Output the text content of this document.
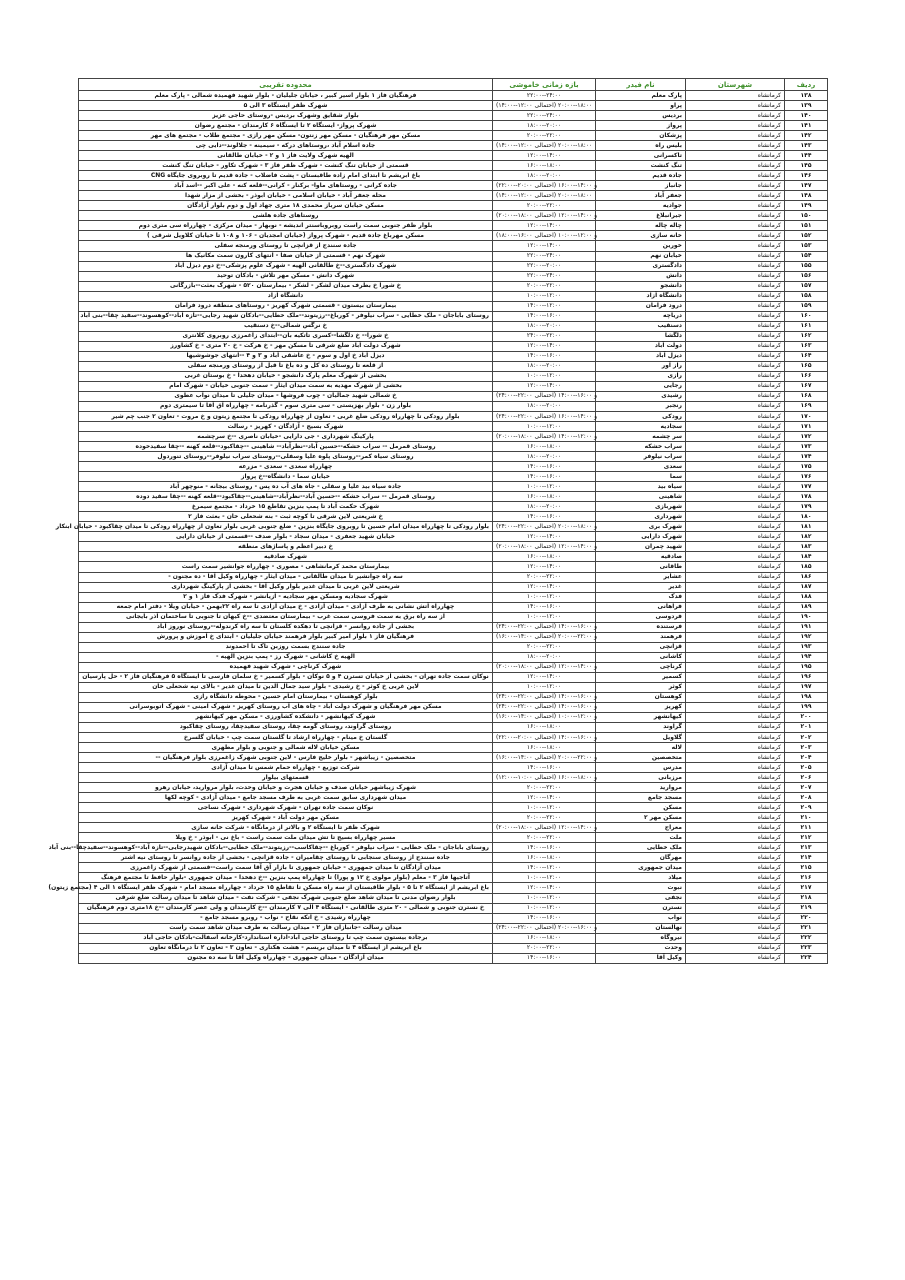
ردیف	شهرستان	نام فیدر	بازه زمانی خاموشی	محدوده تقریبی
۱۳۸	کرمانشاه	پارک معلم	۲۲:۰۰--۲۴:۰۰	فرهنگیان فاز ۱ بلوار اسیر کبیر ، خیابان جلیلیان - بلوار شهید فهمیده شمالی - پارک معلم
۱۳۹	کرمانشاه	پراو	(احتمالی ۱۲:۰۰--۱۴:۰۰) ۱۸:۰۰--۲۰:۰۰	شهرک ظفر ایستگاه ۳ الی ۵
۱۴۰	کرمانشاه	بردیس	۲۲:۰۰--۲۴:۰۰	بلوار شقایق وشهرک بردیس -روستای حاجی عزیز
۱۴۱	کرمانشاه	پرواز	۱۸:۰۰--۲۰:۰۰	شهرک پرواز- ایستگاه ۲ تا ایستگاه ۶ کارمندان - مجتمع رضوان
۱۴۲	کرمانشاه	پزشکان	۲۰:۰۰--۲۲:۰۰	مسکن مهر فرهنگیان - مسکن مهر زنتون- مسکن مهر رازی - مجتمع طلاب - مجتمع های مهر
۱۴۳	کرمانشاه	بلیس راه	(احتمالی ۱۲:۰۰--۱۴:۰۰) ۱۸:۰۰--۲۰:۰۰	جاده اسلام آباد ،روستاهای درکه - سیمینه - جلالوند--دایی چی
۱۴۴	کرمانشاه	تاکسرانی	۱۲:۰۰--۱۴:۰۰	الهیه شهرک ولایت فاز ۱ و ۲ - خیابان طالقانی
۱۴۵	کرمانشاه	تنگ کنشت	۱۶:۰۰--۱۸:۰۰	قسمتی از خیابان تنگ کنشت - شهرک ظفر فاز ۳ - شهرک تکاور - خیابان تنگ کنشت
۱۴۶	کرمانشاه	جاده قدیم	۱۸:۰۰--۲۰:۰۰	باغ ابریشم تا ابتدای امام زاده طاقبستان - پشت فاضلاب - جاده قدیم تا روبروی جایگاه CNG
۱۴۷	کرمانشاه	جانباز	(احتمالی ۲۰:۰۰--۲۲:۰۰) و ۱۴:۰۰--۱۶:۰۰	جاده کرانی - روستاهای ماوا- برکنار - کرانی--قلعه کنه - علی اکبر --اسد آباد
۱۴۸	کرمانشاه	جعفر آباد	(احتمالی ۱۲:۰۰--۱۴:۰۰) ۱۸:۰۰--۲۰:۰۰	محله جعفر آباد - خیابان اسلامی - خیابان ابوذر - بخشی از مزار شهدا
۱۴۹	کرمانشاه	جوادیه	۲۰:۰۰--۲۲:۰۰	مسکن خیابان سرباز محمدی ۱۸ متری جهاد اول و دوم بلوار آزادگان
۱۵۰	کرمانشاه	جیرانبلاغ	(احتمالی ۱۸:۰۰--۲۰:۰۰) و ۱۴:۰۰--۱۲:۰۰	روستاهای جاده هلشی
۱۵۱	کرمانشاه	چاله چاله	۱۲:۰۰--۱۴:۰۰	بلوار ظفر جنوبی سمت راست روبروباسنتر اندیشه - نوبهار - میدان مرکزی - چهارراه سی متری دوم
۱۵۲	کرمانشاه	خانه سازی	(احتمالی ۱۶:۰۰--۱۸:۰۰) و ۱۲:۰۰--۱۰:۰۰	مسکن مهرباغ جاده قدیم - شهرک پرواز (خیابان امجدیان - ۱۰۶ و ۱۰۸ تا خیابان کلاویل شرقی )
۱۵۳	کرمانشاه	خورین	۱۲:۰۰--۱۴:۰۰	جاده سنندج از قزانچی تا روستای ورمنجه سفلی
۱۵۴	کرمانشاه	خیابان نهم	۲۲:۰۰--۲۴:۰۰	شهرک نهم - قسمتی از خیابان صفا - انتهای کارون سمت مکانیک ها
۱۵۵	کرمانشاه	دادگستری	۲۲:۰۰--۲۰:۰۰	شهرک دادگستری--خ طالقانی الهیه - شهرک علوم پزشکی--خ دوم دیزل آباد
۱۵۶	کرمانشاه	دانش	۲۲:۰۰--۲۴:۰۰	شهرک دانش - مسکن مهر تلاش - بادکان توحید
۱۵۷	کرمانشاه	دانشجو	۲۰:۰۰--۲۲:۰۰	خ شورا خ بطرف میدان لشکر - لشکر - بیمارستان ۵۲۰ - شهرک بعثت--بازرگانی
۱۵۸	کرمانشاه	دانشگاه آزاد	۱۰:۰۰--۱۲:۰۰	دانشگاه آزاد
۱۵۹	کرمانشاه	درود فرامان	۱۴:۰۰--۱۲:۰۰	بیمارستان بیستون - قسمتی شهرک کهریز - روستاهای منطقه درود فرامان
۱۶۰	کرمانشاه	دریاچه	۱۴:۰۰--۱۶:۰۰	روستای باباجان - ملک خطایی - سراب نیلوفر - کورباغ--رزیتوند--ملک خطایی--بادکان شهید رجایی--تازه آباد--کوهسوند--سفید چقا--بنی آباد
۱۶۱	کرمانشاه	دسنقیب	۱۸:۰۰--۲۰:۰۰	خ نرگس شمالی--خ دسنقیب
۱۶۲	کرمانشاه	دلگشا	۲۴:۰۰--۲۲:۰۰	خ شورا-- خ دلگشا--کسری تاتکیه بان--ابتدای زاغمرزی روبروی کلانتری
۱۶۳	کرمانشاه	دولت آباد	۱۲:۰۰--۱۴:۰۰	شهرک دولت آباد ضلع شرقی تا مسکن مهر - خ هرکت - خ ۲۰ متری - خ کشاورز
۱۶۴	کرمانشاه	دیزل آباد	۱۴:۰۰--۱۶:۰۰	دیزل آباد خ اول و سوم - خ عاشقی آباد و ۳ و ۴ --انتهای جوشوشیها
۱۶۵	کرمانشاه	راز آور	۱۸:۰۰--۲۰:۰۰	از قلعه تا روستای ده کل و ده باغ تا قبل از روستای ورمنجه سفلی
۱۶۶	کرمانشاه	رازی	۱۰:۰۰--۱۲:۰۰	بخشی از شهرک معلم پارک دانشجو - خیابان دهخدا - خ بوستان غربی
۱۶۷	کرمانشاه	رجایی	۱۲:۰۰--۱۴:۰۰	بخشی از شهرک مهدیه به سمت میدان ایثار - سمت جنوبی خیابان - شهرک امام
۱۶۸	کرمانشاه	رشیدی	(احتمالی ۲۲:۰۰--۲۴:۰۰) و ۱۶:۰۰--۱۴:۰۰	خ شمالی شهید جمالیان - چوب فروشها - میدان جلیلی تا میدان نوآب عطوی
۱۶۹	کرمانشاه	رنجبر	۱۸:۰۰--۲۰:۰۰	بلوار زن - بلوار بهزیستی - سی متری سوم - گذرنامه - چهارراه آق آقا تا سیمتری دوم
۱۷۰	کرمانشاه	رودکی	(احتمالی ۲۲:۰۰--۲۴:۰۰) و ۱۴:۰۰--۱۶:۰۰	بلوار رودکی تا چهارراه رودکی ضلع غربی - تعاون از چهارراه رودکی تا مجتمع زیتون و خ مروت - تعاون ۲ جنب چم شیر
۱۷۱	کرمانشاه	سجادیه	۱۰:۰۰--۱۲:۰۰	شهرک بسیج - آزادگان - کهریز - رسالت
۱۷۲	کرمانشاه	سر چشمه	(احتمالی ۱۸:۰۰--۲۰:۰۰) و ۱۲:۰۰--۱۴:۰۰	پارکینگ شهرداری - جی دارایی -خیابان ناصری --خ سرچشمه
۱۷۳	کرمانشاه	سراب خشکه	۱۶:۰۰--۱۸:۰۰	روستای قمرمل -- سراب خشکه--حسین آباد--نظرآباد-- شاهینی --چقاکبود--قلعه کهنه --چقا سفیدخوده
۱۷۴	کرمانشاه	سراب نیلوفر	۱۸:۰۰--۲۰:۰۰	روستای سیاه کمر--روستای پلوه علیا وسفلی--روستای سراب نیلوفر--روستای تنوردول
۱۷۵	کرمانشاه	سعدی	۱۴:۰۰--۱۶:۰۰	چهارراه سعدی - سعدی - مزرعه
۱۷۶	کرمانشاه	سما	۱۴:۰۰--۱۶:۰۰	خیابان سما - دانشگاه--خ پرواز
۱۷۷	کرمانشاه	سیاه بید	۱۰:۰۰--۱۲:۰۰	جاده سیاه بید علیا و سفلی - جاه های آب ده پس - روستای بیجانه - منوچهر آباد
۱۷۸	کرمانشاه	شاهینی	۱۶:۰۰--۱۸:۰۰	روستای قمرمل -- سراب خشکه --حسین آباد--نظرآباد--شاهینی--چقاکبود--قلعه کهنه --چقا سفید دوده
۱۷۹	کرمانشاه	شهربازی	۱۸:۰۰--۲۰:۰۰	شهرک حکمت آباد تا پمپ بنزین تقاطع ۱۵ خرداد - مجتمع سیمرغ
۱۸۰	کرمانشاه	شهرداری	۱۴:۰۰--۱۶:۰۰	خ شریعتی لاین شرقی تا کوچه ثبت - بنه شحعلی خان - بعثت فاز ۲
۱۸۱	کرمانشاه	شهرک بری	(احتمالی ۲۲:۰۰--۲۴:۰۰) و ۱۸:۰۰--۲۰:۰۰	بلوار رودکی تا چهارراه میدان امام حسین تا روبروی جایگاه بنزین - ضلع جنوبی غربی بلوار تعاون از چهارراه رودکی تا میدان چقاکبود - خیابان ابنکار
۱۸۲	کرمانشاه	شهرک دارایی	۱۲:۰۰--۱۴:۰۰	خیابان شهید جعفری - میدان سجاد - بلوار صدف --قسمتی از خیابان دارایی
۱۸۳	کرمانشاه	شهید چمران	(احتمالی ۱۸:۰۰--۲۰:۰۰) و ۱۴:۰۰--۱۲:۰۰	خ دبیر اعظم و پاساژهای منطقه
۱۸۴	کرمانشاه	صادقیه	۱۶:۰۰--۱۸:۰۰	شهرک صادقیه
۱۸۵	کرمانشاه	طاقانی	۱۲:۰۰--۱۴:۰۰	بیمارستان محمد کرمانشاهی - مصوری - چهارراه جوانشیر سمت راست
۱۸۶	کرمانشاه	عشایر	۲۰:۰۰--۲۲:۰۰	سه راه جوانشیر تا میدان طالقانی - میدان ایثار - چهارراه وکیل آقا - ده مجنون -
۱۸۷	کرمانشاه	غدیر	۱۲:۰۰--۱۴:۰۰	شریعتی لاین غربی تا میدان غدیر بلوار وکیل آقا - بخشی از پارکینگ شهرداری
۱۸۸	کرمانشاه	فدک	۱۰:۰۰--۱۲:۰۰	شهرک سجادیه ومسکن مهر سجادیه - آزیانشر - شهرک فدک فاز ۱ و ۲
۱۸۹	کرمانشاه	فراهانی	۱۴:۰۰--۱۶:۰۰	چهارراه آتش نشانی به طرف آزادی - میدان آزادی - خ میدان آزادی تا سه راه ۲۲بهمن - خیابان ویلا - دفتر امام جمعه
۱۹۰	کرمانشاه	فردوسی	۱۰:۰۰--۱۲:۰۰	از سه راه برق به سمت فروسی سمت غرب - بیمارستان معتضدی --خ کیهان تا جنوبی تا ساختمان آذر بایجانی
۱۹۱	کرمانشاه	فرستنده	(احتمالی ۲۲:۰۰--۲۴:۰۰) و ۱۶:۰۰--۱۴:۰۰	بخشی از جاده روانسر - قزانچی تا دهکده کلستان تا سه راه کرندوله--روستای نوروز آباد
۱۹۲	کرمانشاه	فرهمند	(احتمالی ۱۴:۰۰--۱۶:۰۰) و ۲۲:۰۰--۲۰:۰۰	فرهنگیان فاز ۱ بلوار امیر کبیر بلوار فرهمند خیابان جلیلیان - ابتدای خ آموزش و پرورش
۱۹۳	کرمانشاه	قزانچی	۲۰:۰۰--۲۲:۰۰	جاده سنندج بسمت روزبن تاک تا احمدوند
۱۹۴	کرمانشاه	کاشانی	۱۸:۰۰--۲۰:۰۰	الهیه خ کاشانی - شهرک رز - پمپ بنزین الهیه -
۱۹۵	کرمانشاه	کرناچی	(احتمالی ۱۸:۰۰--۲۰:۰۰) و ۱۴:۰۰--۱۲:۰۰	شهرک کرناچی - شهرک شهید فهمیده
۱۹۶	کرمانشاه	کسمیر	۱۲:۰۰--۱۴:۰۰	نوکان سمت جاده تهران - بخشی از خیابان تسترن ۴ و ۵ نوکان - بلوار کسمیر - خ سلمان فارسی تا ایستگاه ۵ فرهنگیان فاز ۲ - حل پارسیان
۱۹۷	کرمانشاه	کوثر	۱۰:۰۰--۱۲:۰۰	لاین غربی خ کوثر - خ رشیدی - بلوار سید جمال الدین تا میدان غدیر - بالای تپه شحعلی خان
۱۹۸	کرمانشاه	کوهستان	(احتمالی ۲۲:۰۰--۲۴:۰۰) و ۱۶:۰۰--۱۴:۰۰	بلوار کوهستان - بیمارستان امام حسین - محوطه دانشگاه رازی
۱۹۹	کرمانشاه	کهریز	(احتمالی ۲۲:۰۰--۲۴:۰۰) و ۱۶:۰۰--۱۴:۰۰	مسکن مهر فرهنگیان و شهرک دولت آباد - چاه های آب روستای کهریز - شهرک امینی - شهرک اتوبوسرانی
۲۰۰	کرمانشاه	کیهانشهر	(احتمالی ۱۴:۰۰--۱۶:۰۰) و ۱۲:۰۰--۱۰:۰۰	شهرک کیهانشهر - دانشکده کشاورزی - مسکن مهر کیهانشهر
۲۰۱	کرمانشاه	گراوند	۱۶:۰۰--۱۸:۰۰	روستای گراوند، روستای گومه چقا، روستای سفیدچقا، روستای چقاکبود
۲۰۲	کرمانشاه	گلاویل	(احتمالی ۲۰:۰۰--۲۲:۰۰) و ۱۶:۰۰--۱۴:۰۰	گلستان خ مینام - چهارراه ارشاد تا گلستان سمت چپ - خیابان گلسرخ
۲۰۳	کرمانشاه	لاله	۱۶:۰۰--۱۸:۰۰	مسکن خیابان لاله شمالی و جنوبی و بلوار مطهری
۲۰۴	کرمانشاه	متخصصین	(احتمالی ۱۴:۰۰--۱۶:۰۰) و ۲۲:۰۰--۲۰:۰۰	متخصصین - زیباشهر - بلوار خلیج فارس - لاین جنوبی شهرک زاغمرزی بلوار فرهنگیان --
۲۰۵	کرمانشاه	مدرس	۱۴:۰۰--۱۶:۰۰	شرکت توزیع - چهارراه حمام شمس تا میدان آزادی
۲۰۶	کرمانشاه	مرزبانی	(احتمالی ۱۰:۰۰--۱۲:۰۰) و ۱۸:۰۰--۱۶:۰۰	قسمتهای بیلوار
۲۰۷	کرمانشاه	مروارید	۲۰:۰۰--۲۲:۰۰	شهرک زیباشهر خیابان صدف و خیابان هجرت و خیابان وحدت، بلوار مروارید، خیابان رهرو
۲۰۸	کرمانشاه	مسجد جامع	۱۲:۰۰--۱۴:۰۰	میدان شهرداری سابق سمت غربی به طرف مسجد جامع - میدان آزادی - کوچه لکها
۲۰۹	کرمانشاه	مسکن	۱۰:۰۰--۱۲:۰۰	نوکان سمت جاده تهران - شهرک شهرداری - شهرک نساجی
۲۱۰	کرمانشاه	مسکن مهر ۲	۲۰:۰۰--۲۲:۰۰	مسکن مهر دولت آباد - شهرک کهریز
۲۱۱	کرمانشاه	معراج	(احتمالی ۱۸:۰۰--۲۰:۰۰) و ۱۴:۰۰--۱۲:۰۰	شهرک ظفر تا ایستگاه ۲ و بالاتر از درمانگاه - شرکت خانه سازی
۲۱۲	کرمانشاه	ملت	۲۰:۰۰--۲۲:۰۰	مسیر چهارراه بسیج تا تش میدان ملت سمت راست - باغ نی - ابوذر - خ ویلا
۲۱۳	کرمانشاه	ملک خطایی	۱۴:۰۰--۱۶:۰۰	روستای باباجان - ملک خطایی - سراب نیلوفر - کورباغ --چقاکاسب--رزیتوند--ملک خطایی--بادکان شهیدرجایی--تازه آباد--کوهسوند--سفیدچقا--بنی آباد
۲۱۴	کرمانشاه	مهرگان	۱۶:۰۰--۱۸:۰۰	جاده سنندج از روستای سنجابی تا روستای چقامیران - جاده قزانچی - بخشی از جاده روانسر تا روستای نیه اشتر
۲۱۵	کرمانشاه	میدان جمهوری	۱۴:۰۰--۱۲:۰۰	میدان آزادگان تا میدان جمهوری - خیابان جمهوری تا بازار آق آقا سمت راست--قسمتی از شهرک زاغمرزی
۲۱۶	کرمانشاه	میلاد	۱۰:۰۰--۱۲:۰۰	آتاجیها فاز ۳ - معلم (بلوار مولوی خ ۱۲ و پورا) تا چهارراه پمپ بنزین --خ دهخدا - میدان جمهوری -بلوار حافظ تا مجتمع فرهنگ
۲۱۷	کرمانشاه	نبوت	۱۲:۰۰--۱۴:۰۰	باغ ابریشم از ایستگاه ۲ تا ۵ - بلوار طاقبستان از سه راه مسکن تا تقاطع ۱۵ خرداد - چهارراه مسجد امام - شهرک ظفر ایستگاه ۱ الی ۴ (مجتمع زیتون)
۲۱۸	کرمانشاه	نجفی	۱۰:۰۰--۱۲:۰۰	بلوار رضوان مدنی تا میدان شاهد ضلع جنوبی شهرک نجفی - شرکت نفت - میدان شاهد تا میدان رسالت ضلع شرقی
۲۱۹	کرمانشاه	نسترن	۱۰:۰۰--۱۲:۰۰	خ نسترن جنوبی و شمالی - ۲۰ متری طالقانی - ایستگاه ۴ الی ۷ کارمندان --خ کارمندان و ولی عصر کارمندان --خ ۱۸متری دوم فرهنگیان
۲۲۰	کرمانشاه	نواب	۱۴:۰۰--۱۶:۰۰	چهارراه رشیدی - خ اتکه نقاح - نواب - روبرو مسجد جامع -
۲۲۱	کرمانشاه	نهالستان	(احتمالی ۲۲:۰۰--۲۴:۰۰) و ۱۶:۰۰--۲۰:۰۰	میدان رسالت -جانبازان فاز ۲ - میدان رسالت به طرف میدان شاهد سمت راست
۲۲۲	کرمانشاه	نیروگاه	۱۶:۰۰--۱۸:۰۰	برجاده بیستون سمت چپ تا روستای حاجی آباد-اداره استاندارد-کارخانه آسفالت-بادکان حاجی آباد
۲۲۳	کرمانشاه	وحدت	۲۰:۰۰--۲۲:۰۰	باغ ابریشم از ایستگاه ۴ تا میدان بریسم - هشت هکتاری - تعاون ۳ - تعاون ۲ تا درمانگاه تعاون
۲۲۴	کرمانشاه	وکیل آقا	۱۴:۰۰--۱۶:۰۰	میدان آزادگان - میدان جمهوری - چهارراه وکیل آقا تا سه ده مجنون
